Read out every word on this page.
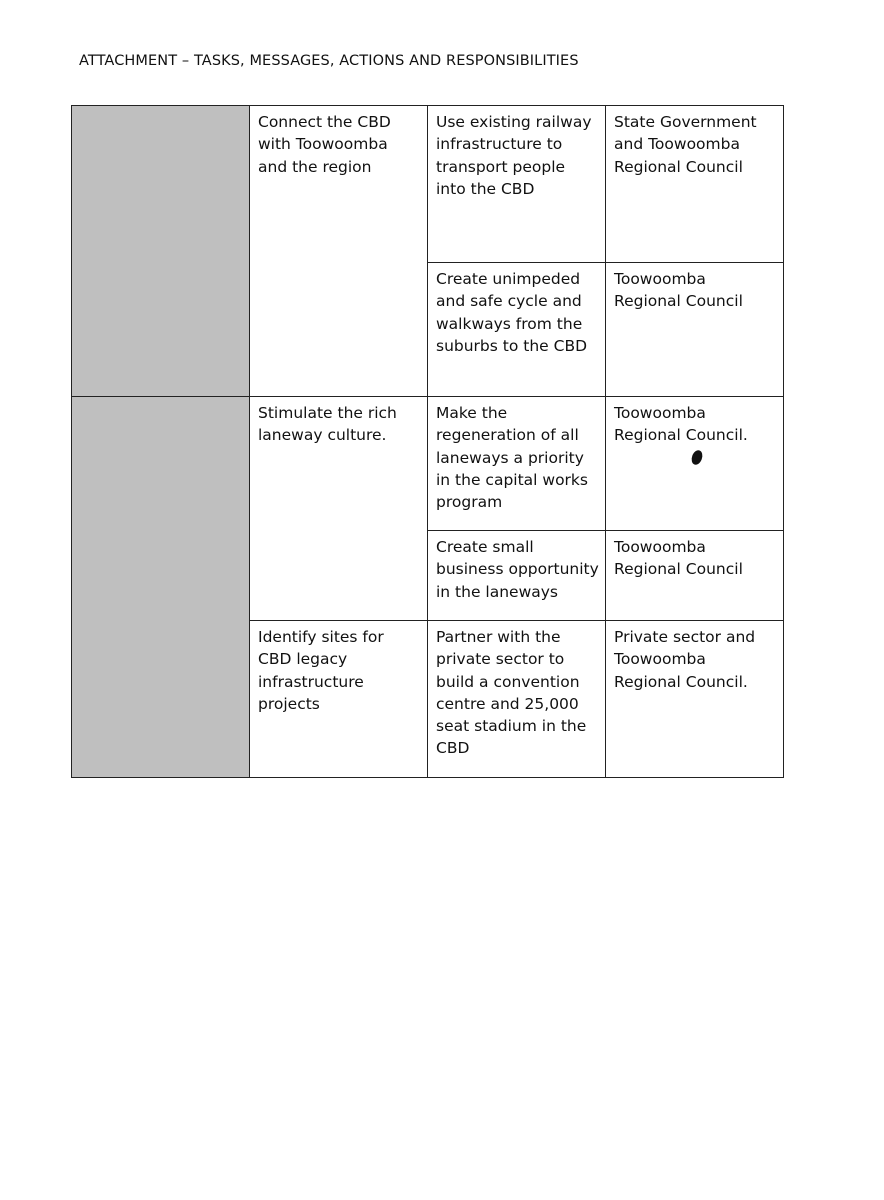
ATTACHMENT – TASKS, MESSAGES, ACTIONS AND RESPONSIBILITIES
	Connect the CBD with Toowoomba and the region	Use existing railway infrastructure to transport people into the CBD	State Government and Toowoomba Regional Council
		Create unimpeded and safe cycle and walkways from the suburbs to the CBD	Toowoomba Regional Council
	Stimulate the rich laneway culture.	Make the regeneration of all laneways a priority in the capital works program	Toowoomba Regional Council.

		Create small business opportunity in the laneways	Toowoomba Regional Council
	Identify sites for CBD legacy infrastructure projects	Partner with the private sector to build a convention centre and 25,000 seat stadium in the CBD	Private sector and Toowoomba Regional Council.
